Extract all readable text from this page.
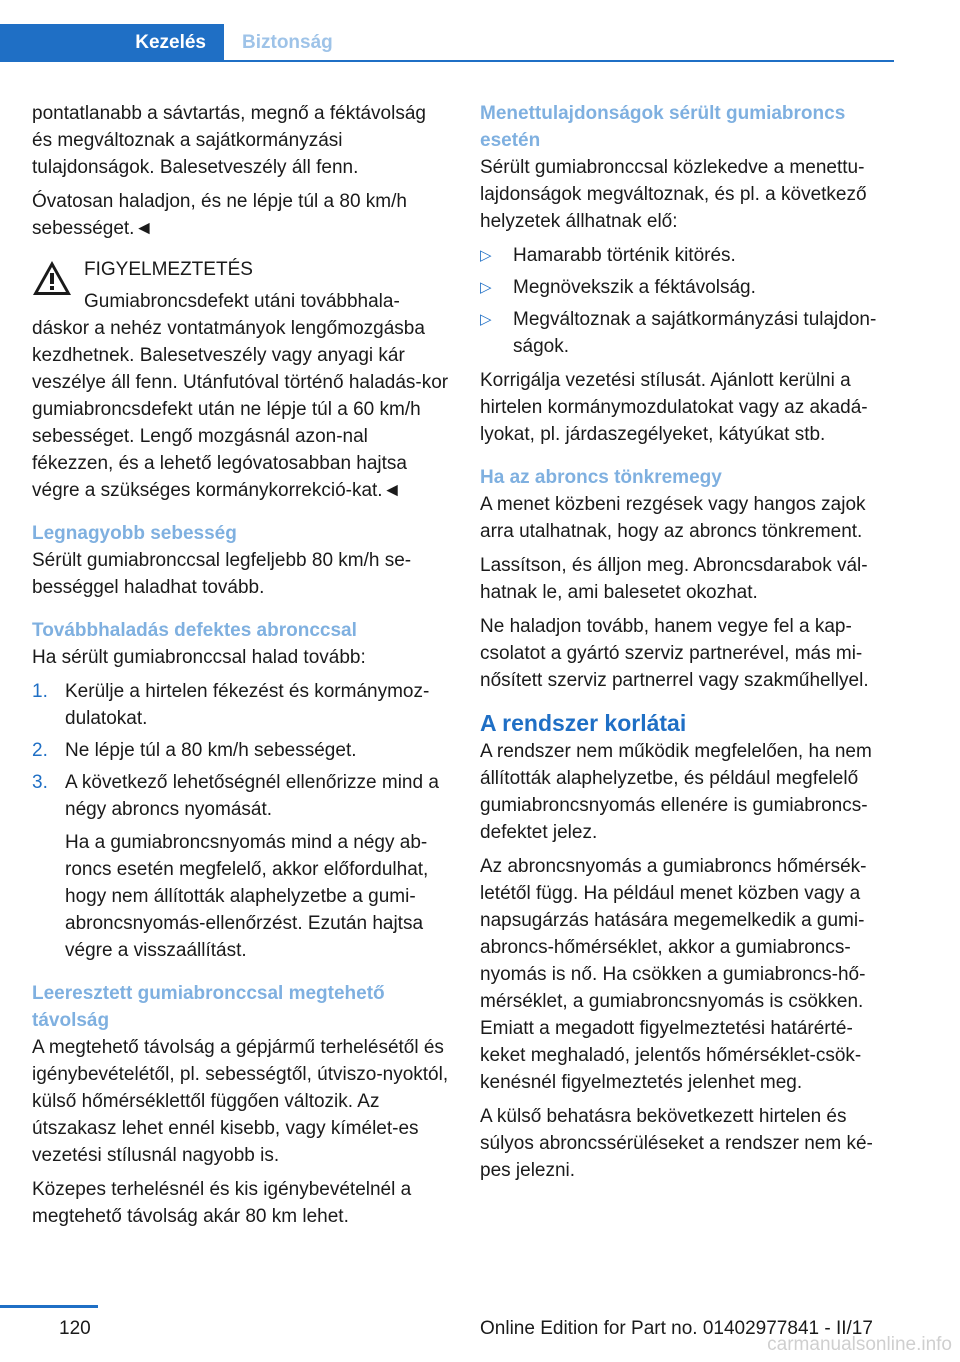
Kezelés	Biztonság

pontatlanabb a sávtartás, megnő a féktávolság és megváltoznak a sajátkormányzási tulajdonságok. Balesetveszély áll fenn.

Óvatosan haladjon, és ne lépje túl a 80 km/h sebességet.◄

FIGYELMEZTETÉS
Gumiabroncsdefekt utáni továbbhala-
dáskor a nehéz vontatmányok lengőmozgásba kezdhetnek. Balesetveszély vagy anyagi kár veszélye áll fenn. Utánfutóval történő haladás-kor gumiabroncsdefekt után ne lépje túl a 60 km/h sebességet. Lengő mozgásnál azon-nal fékezzen, és a lehető legóvatosabban hajtsa végre a szükséges kormánykorrekció-kat.◄
Legnagyobb sebesség

Sérült gumiabronccsal legfeljebb 80 km/h se-bességgel haladhat tovább.

Továbbhaladás defektes abronccsal

Ha sérült gumiabronccsal halad tovább:

1. Kerülje a hirtelen fékezést és kormánymoz-dulatokat.
2. Ne lépje túl a 80 km/h sebességet.
3. A következő lehetőségnél ellenőrizze mind a négy abroncs nyomását.
Ha a gumiabroncsnyomás mind a négy ab-roncs esetén megfelelő, akkor előfordulhat, hogy nem állították alaphelyzetbe a gumi-abroncsnyomás-ellenőrzést. Ezután hajtsa végre a visszaállítást.
Leeresztett gumiabronccsal megtehető távolság

A megtehető távolság a gépjármű terhelésétől és igénybevételétől, pl. sebességtől, útviszo-nyoktól, külső hőmérséklettől függően változik. Az útszakasz lehet ennél kisebb, vagy kímélet-es vezetési stílusnál nagyobb is.

Közepes terhelésnél és kis igénybevételnél a megtehető távolság akár 80 km lehet.

Menettulajdonságok sérült gumiabroncs esetén

Sérült gumiabronccsal közlekedve a menettu-lajdonságok megváltoznak, és pl. a következő helyzetek állhatnak elő:

▷ Hamarabb történik kitörés.
▷ Megnövekszik a féktávolság.
▷ Megváltoznak a sajátkormányzási tulajdon-ságok.

Korrigálja vezetési stílusát. Ajánlott kerülni a hirtelen kormánymozdulatokat vagy az akadá-lyokat, pl. járdaszegélyeket, kátyúkat stb.

Ha az abroncs tönkremegy

A menet közbeni rezgések vagy hangos zajok arra utalhatnak, hogy az abroncs tönkrement.

Lassítson, és álljon meg. Abroncsdarabok vál-hatnak le, ami balesetet okozhat.

Ne haladjon tovább, hanem vegye fel a kap-csolatot a gyártó szerviz partnerével, más mi-nősített szerviz partnerrel vagy szakműhellyel.

A rendszer korlátai

A rendszer nem működik megfelelően, ha nem állították alaphelyzetbe, és például megfelelő gumiabroncsnyomás ellenére is gumiabroncs-defektet jelez.

Az abroncsnyomás a gumiabroncs hőmérsék-letétől függ. Ha például menet közben vagy a napsugárzás hatására megemelkedik a gumi-abroncs-hőmérséklet, akkor a gumiabroncs-nyomás is nő. Ha csökken a gumiabroncs-hő-mérséklet, a gumiabroncsnyomás is csökken. Emiatt a megadott figyelmeztetési határérté-keket meghaladó, jelentős hőmérséklet-csök-kenésnél figyelmeztetés jelenhet meg.

A külső behatásra bekövetkezett hirtelen és súlyos abroncssérüléseket a rendszer nem ké-pes jelezni.

120	Online Edition for Part no. 01402977841 - II/17
carmanualsonline.info
